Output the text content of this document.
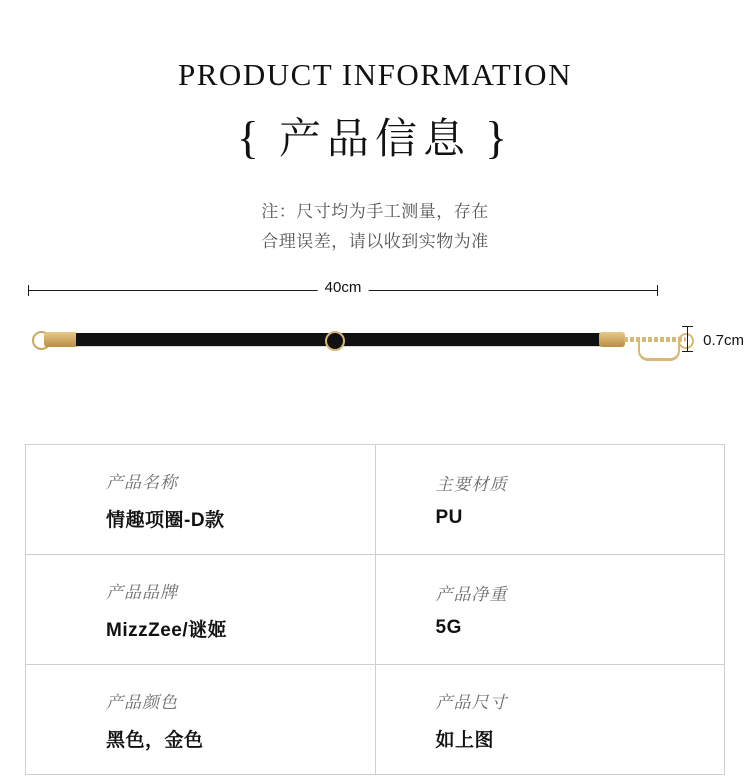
PRODUCT INFORMATION
{ 产品信息 }
注：尺寸均为手工测量，存在
合理误差，请以收到实物为准
40cm
0.7cm
产品名称
情趣项圈-D款

主要材质
PU

产品品牌
MizzZee/谜姬

产品净重
5G

产品颜色
黑色，金色

产品尺寸
如上图
